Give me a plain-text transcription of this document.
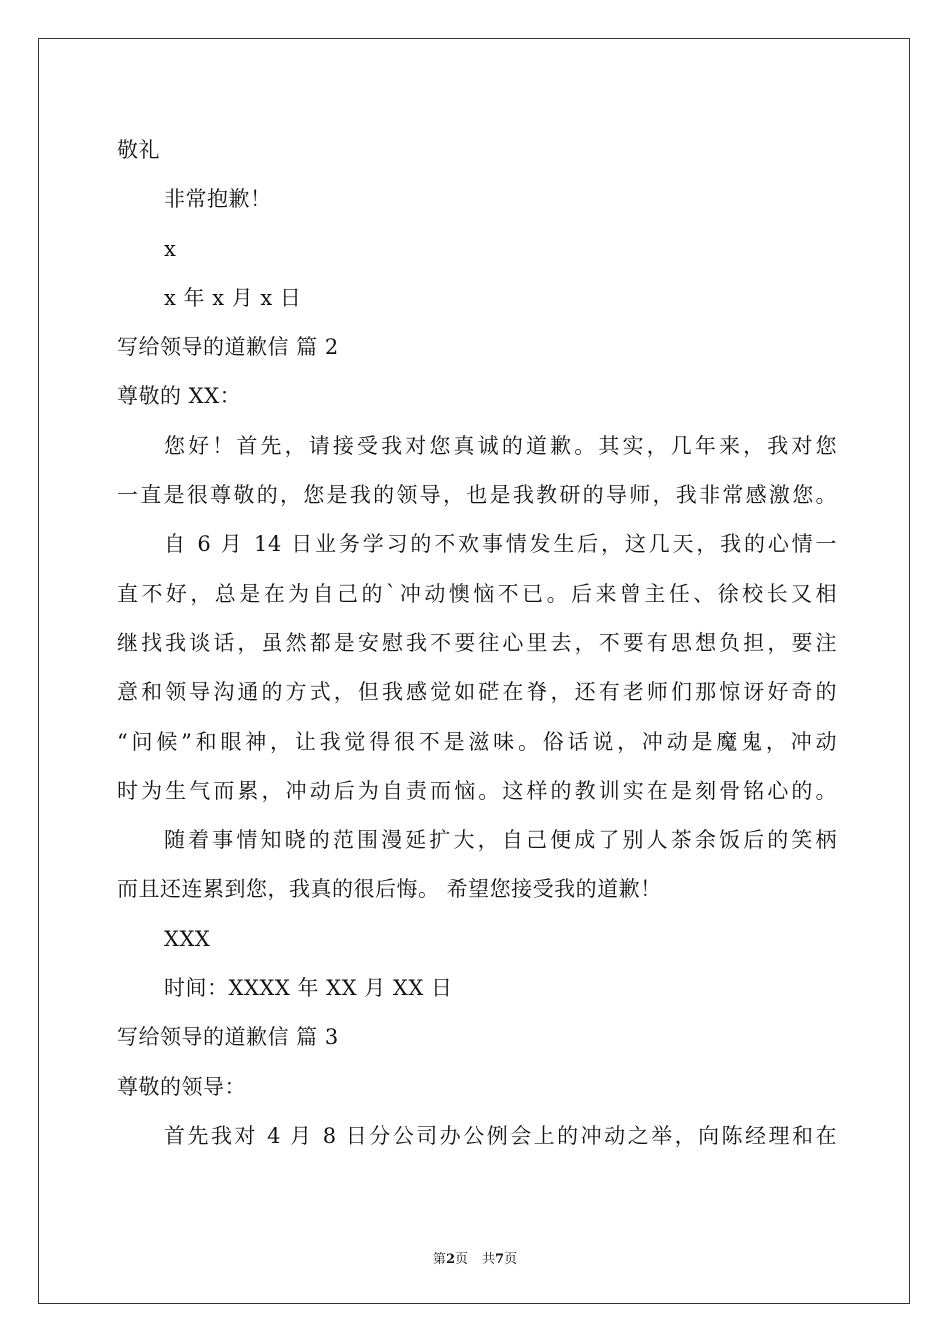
敬礼
非常抱歉！
x
x 年 x 月 x 日
写给领导的道歉信 篇 2
尊敬的 XX：
您好！首先，请接受我对您真诚的道歉。其实，几年来，我对您
一直是很尊敬的，您是我的领导，也是我教研的导师，我非常感激您。
自 6 月 14 日业务学习的不欢事情发生后，这几天，我的心情一
直不好，总是在为自己的`冲动懊恼不已。后来曾主任、徐校长又相
继找我谈话，虽然都是安慰我不要往心里去，不要有思想负担，要注
意和领导沟通的方式，但我感觉如硭在脊，还有老师们那惊讶好奇的
“问候”和眼神，让我觉得很不是滋味。俗话说，冲动是魔鬼，冲动
时为生气而累，冲动后为自责而恼。这样的教训实在是刻骨铭心的。
随着事情知晓的范围漫延扩大，自己便成了别人茶余饭后的笑柄
而且还连累到您，我真的很后悔。 希望您接受我的道歉！
XXX
时间：XXXX 年 XX 月 XX 日
写给领导的道歉信 篇 3
尊敬的领导：
首先我对 4 月 8 日分公司办公例会上的冲动之举，向陈经理和在
第2页 共7页
